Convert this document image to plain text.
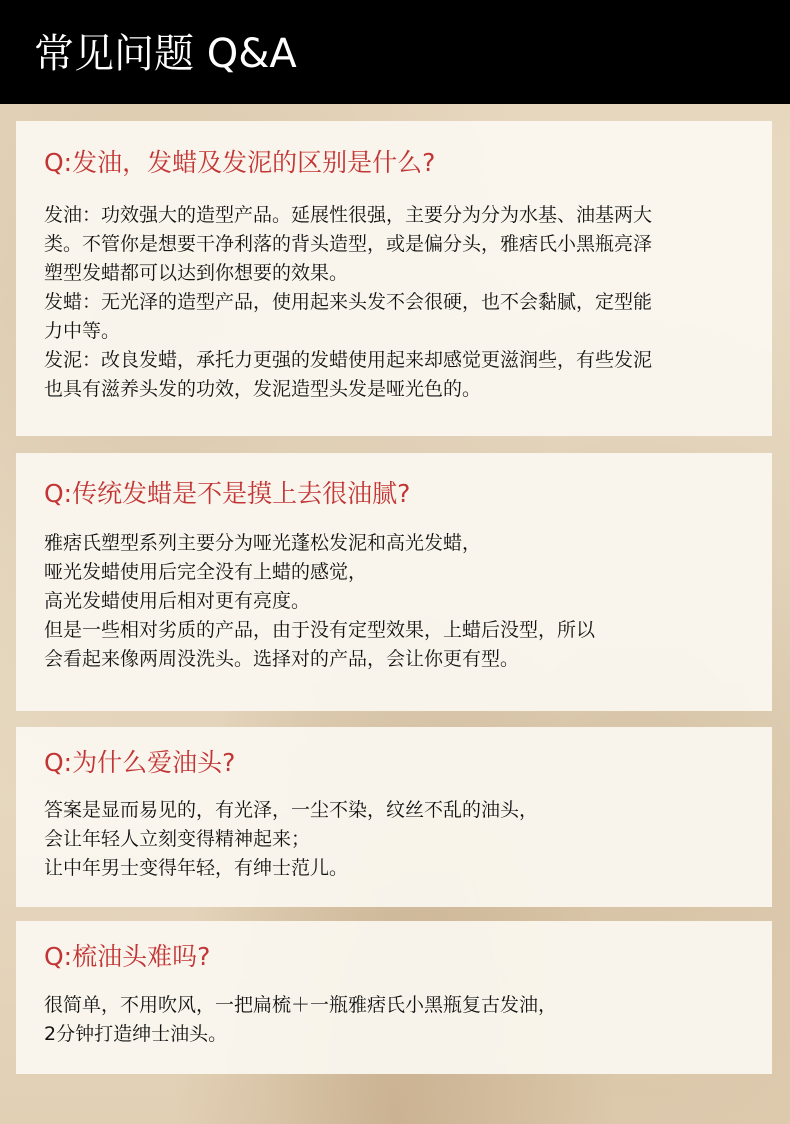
常见问题 Q&A
Q:发油，发蜡及发泥的区别是什么?

发油：功效强大的造型产品。延展性很强，主要分为分为水基、油基两大

类。不管你是想要干净利落的背头造型，或是偏分头，雅痞氏小黑瓶亮泽

塑型发蜡都可以达到你想要的效果。

发蜡：无光泽的造型产品，使用起来头发不会很硬，也不会黏腻，定型能

力中等。

发泥：改良发蜡，承托力更强的发蜡使用起来却感觉更滋润些，有些发泥

也具有滋养头发的功效，发泥造型头发是哑光色的。

Q:传统发蜡是不是摸上去很油腻?

雅痞氏塑型系列主要分为哑光蓬松发泥和高光发蜡，

哑光发蜡使用后完全没有上蜡的感觉，

高光发蜡使用后相对更有亮度。

但是一些相对劣质的产品，由于没有定型效果，上蜡后没型，所以

会看起来像两周没洗头。选择对的产品，会让你更有型。

Q:为什么爱油头?

答案是显而易见的，有光泽，一尘不染，纹丝不乱的油头，

会让年轻人立刻变得精神起来；

让中年男士变得年轻，有绅士范儿。

Q:梳油头难吗?

很简单，不用吹风，一把扁梳＋一瓶雅痞氏小黑瓶复古发油，

2分钟打造绅士油头。
